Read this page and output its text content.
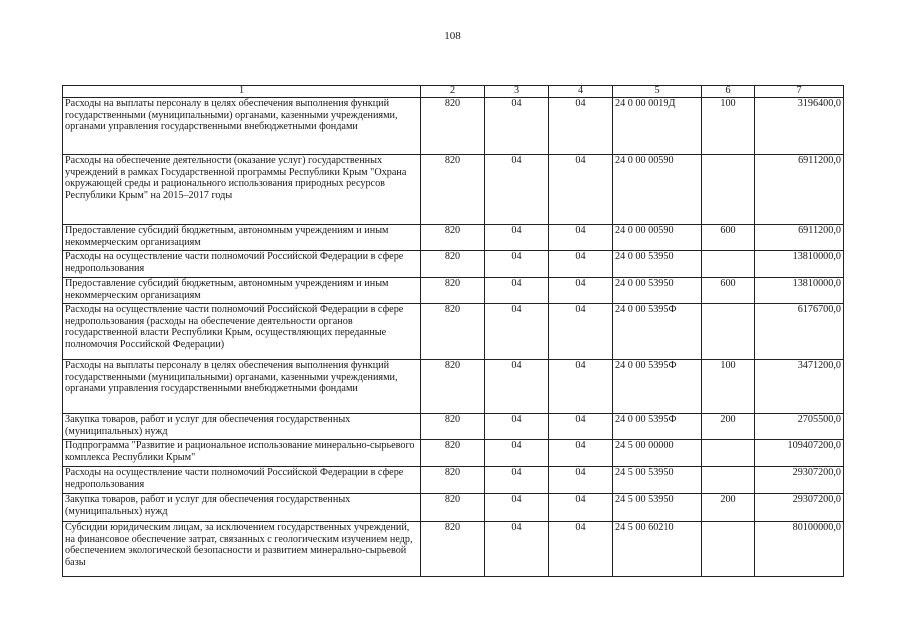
108
1	2	3	4	5	6	7
Расходы на выплаты персоналу в целях обеспечения выполнения функций государственными (муниципальными) органами, казенными учреждениями, органами управления государственными внебюджетными фондами	820	04	04	24 0 00 0019Д	100	3196400,0
Расходы на обеспечение деятельности (оказание услуг) государственных учреждений в рамках Государственной программы Республики Крым "Охрана окружающей среды и рационального использования природных ресурсов Республики Крым" на 2015–2017 годы	820	04	04	24 0 00 00590		6911200,0
Предоставление субсидий бюджетным, автономным учреждениям и иным некоммерческим организациям	820	04	04	24 0 00 00590	600	6911200,0
Расходы на осуществление части полномочий Российской Федерации в сфере недропользования	820	04	04	24 0 00 53950		13810000,0
Предоставление субсидий бюджетным, автономным учреждениям и иным некоммерческим организациям	820	04	04	24 0 00 53950	600	13810000,0
Расходы на осуществление части полномочий Российской Федерации в сфере недропользования (расходы на обеспечение деятельности органов государственной власти Республики Крым, осуществляющих переданные полномочия Российской Федерации)	820	04	04	24 0 00 5395Ф		6176700,0
Расходы на выплаты персоналу в целях обеспечения выполнения функций государственными (муниципальными) органами, казенными учреждениями, органами управления государственными внебюджетными фондами	820	04	04	24 0 00 5395Ф	100	3471200,0
Закупка товаров, работ и услуг для обеспечения государственных (муниципальных) нужд	820	04	04	24 0 00 5395Ф	200	2705500,0
Подпрограмма "Развитие и рациональное использование минерально-сырьевого комплекса Республики Крым"	820	04	04	24 5 00 00000		109407200,0
Расходы на осуществление части полномочий Российской Федерации в сфере недропользования	820	04	04	24 5 00 53950		29307200,0
Закупка товаров, работ и услуг для обеспечения государственных (муниципальных) нужд	820	04	04	24 5 00 53950	200	29307200,0
Субсидии юридическим лицам, за исключением государственных учреждений, на финансовое обеспечение затрат, связанных с геологическим изучением недр, обеспечением экологической безопасности и развитием минерально-сырьевой базы	820	04	04	24 5 00 60210		80100000,0
